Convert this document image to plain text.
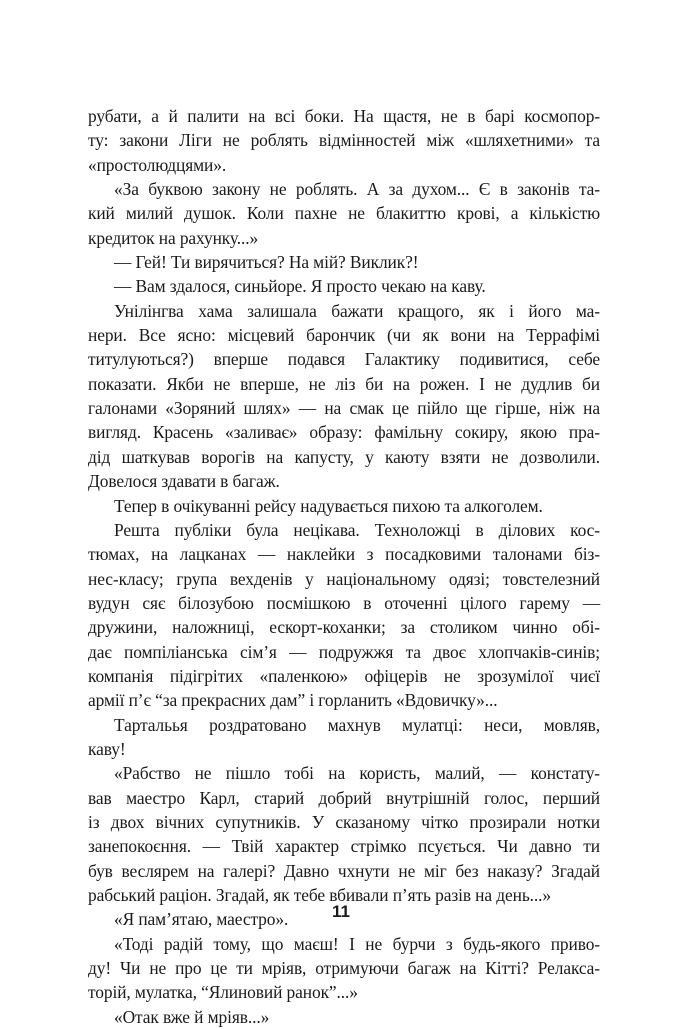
рубати, а й палити на всі боки. На щастя, не в барі космопор-
ту: закони Ліги не роблять відмінностей між «шляхетними» та
«простолюдцями».
«За буквою закону не роблять. А за духом... Є в законів та-
кий милий душок. Коли пахне не блакиттю крові, а кількістю
кредиток на рахунку...»
— Гей! Ти вирячиться? На мій? Виклик?!
— Вам здалося, синьйоре. Я просто чекаю на каву.
Унілінгва хама залишала бажати кращого, як і його ма-
нери. Все ясно: місцевий барончик (чи як вони на Террафімі
титулуються?) вперше подався Галактику подивитися, себе
показати. Якби не вперше, не ліз би на рожен. І не дудлив би
галонами «Зоряний шлях» — на смак це пійло ще гірше, ніж на
вигляд. Красень «заливає» образу: фамільну сокиру, якою пра-
дід шаткував ворогів на капусту, у каюту взяти не дозволили.
Довелося здавати в багаж.
Тепер в очікуванні рейсу надувається пихою та алкоголем.
Решта публіки була нецікава. Техноложці в ділових кос-
тюмах, на лацканах — наклейки з посадковими талонами біз-
нес-класу; група вехденів у національному одязі; товстелезний
вудун сяє білозубою посмішкою в оточенні цілого гарему —
дружини, наложниці, ескорт-коханки; за столиком чинно обі-
дає помпіліанська сім’я — подружжя та двоє хлопчаків-синів;
компанія підігрітих «паленкою» офіцерів не зрозумілої чиєї
армії п’є “за прекрасних дам” і горланить «Вдовичку»...
Тартальья роздратовано махнув мулатці: неси, мовляв,
каву!
«Рабство не пішло тобі на користь, малий, — констату-
вав маестро Карл, старий добрий внутрішній голос, перший
із двох вічних супутників. У сказаному чітко прозирали нотки
занепокоєння. — Твій характер стрімко псується. Чи давно ти
був веслярем на галері? Давно чхнути не міг без наказу? Згадай
рабський раціон. Згадай, як тебе вбивали п’ять разів на день...»
«Я пам’ятаю, маестро».
«Тоді радій тому, що маєш! І не бурчи з будь-якого приво-
ду! Чи не про це ти мріяв, отримуючи багаж на Кітті? Релакса-
торій, мулатка, “Ялиновий ранок”...»
«Отак вже й мріяв...»
11
